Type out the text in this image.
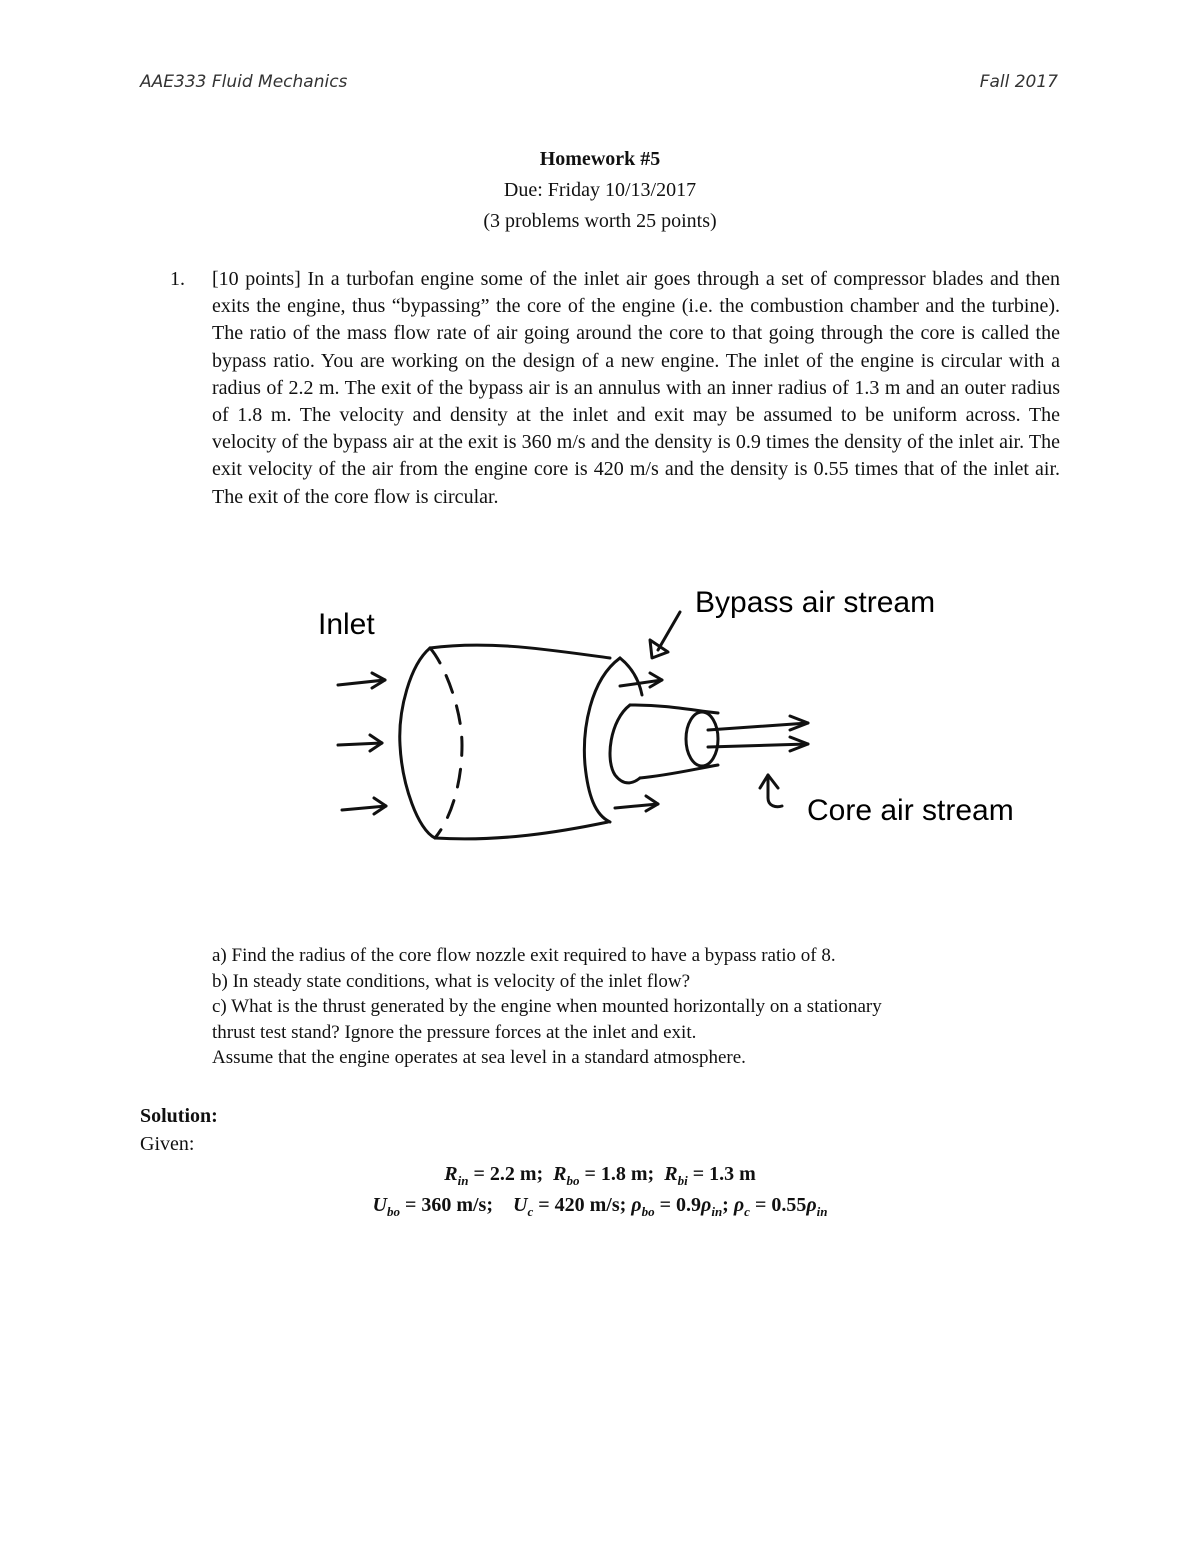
AAE333 Fluid Mechanics	Fall 2017
Homework #5
Due: Friday 10/13/2017
(3 problems worth 25 points)
1. [10 points] In a turbofan engine some of the inlet air goes through a set of compressor blades and then exits the engine, thus “bypassing” the core of the engine (i.e. the combustion chamber and the turbine). The ratio of the mass flow rate of air going around the core to that going through the core is called the bypass ratio. You are working on the design of a new engine. The inlet of the engine is circular with a radius of 2.2 m. The exit of the bypass air is an annulus with an inner radius of 1.3 m and an outer radius of 1.8 m. The velocity and density at the inlet and exit may be assumed to be uniform across. The velocity of the bypass air at the exit is 360 m/s and the density is 0.9 times the density of the inlet air. The exit velocity of the air from the engine core is 420 m/s and the density is 0.55 times that of the inlet air. The exit of the core flow is circular.
Inlet
Bypass air stream
Core air stream
a) Find the radius of the core flow nozzle exit required to have a bypass ratio of 8.
b) In steady state conditions, what is velocity of the inlet flow?
c) What is the thrust generated by the engine when mounted horizontally on a stationary
thrust test stand? Ignore the pressure forces at the inlet and exit.
Assume that the engine operates at sea level in a standard atmosphere.
Solution:
Given:
$R_{in} = 2.2$ m;  $R_{bo} = 1.8$ m;  $R_{bi} = 1.3$ m
$U_{bo} = 360$ m/s;    $U_c = 420$ m/s; $\rho_{bo} = 0.9\rho_{in}$; $\rho_c = 0.55\rho_{in}$
